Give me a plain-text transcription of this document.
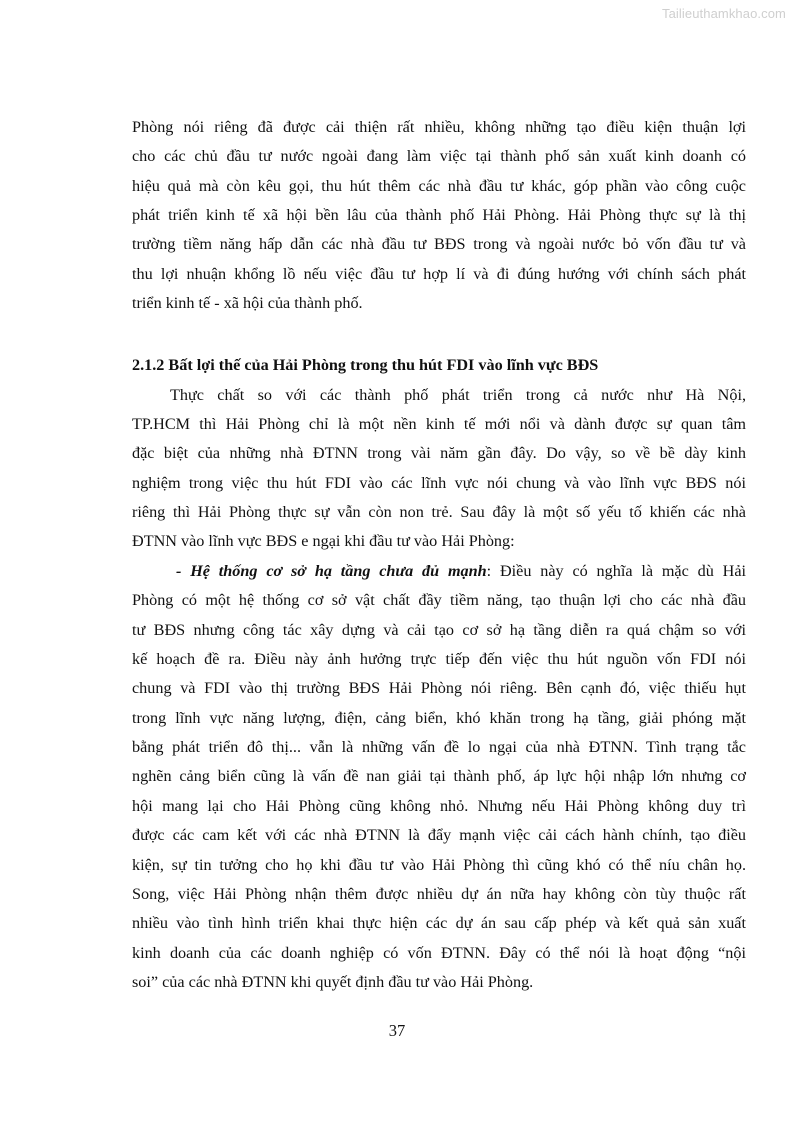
Tailieuthamkhao.com
Phòng nói riêng đã được cải thiện rất nhiều, không những tạo điều kiện thuận lợi
cho các chủ đầu tư nước ngoài đang làm việc tại thành phố sản xuất kinh doanh có
hiệu quả mà còn kêu gọi, thu hút thêm các nhà đầu tư khác, góp phần vào công cuộc
phát triển kinh tế xã hội bền lâu của thành phố Hải Phòng. Hải Phòng thực sự là thị
trường tiềm năng hấp dẫn các nhà đầu tư BĐS trong và ngoài nước bỏ vốn đầu tư và
thu lợi nhuận khổng lồ nếu việc đầu tư hợp lí và đi đúng hướng với chính sách phát
triển kinh tế - xã hội của thành phố.
2.1.2 Bất lợi thế của Hải Phòng trong thu hút FDI vào lĩnh vực BĐS
Thực chất so với các thành phố phát triển trong cả nước như Hà Nội,
TP.HCM thì Hải Phòng chỉ là một nền kinh tế mới nổi và dành được sự quan tâm
đặc biệt của những nhà ĐTNN trong vài năm gần đây. Do vậy, so về bề dày kinh
nghiệm trong việc thu hút FDI vào các lĩnh vực nói chung và vào lĩnh vực BĐS nói
riêng thì Hải Phòng thực sự vẫn còn non trẻ. Sau đây là một số yếu tố khiến các nhà
ĐTNN vào lĩnh vực BĐS e ngại khi đầu tư vào Hải Phòng:
- Hệ thống cơ sở hạ tầng chưa đủ mạnh: Điều này có nghĩa là mặc dù Hải
Phòng có một hệ thống cơ sở vật chất đầy tiềm năng, tạo thuận lợi cho các nhà đầu
tư BĐS nhưng công tác xây dựng và cải tạo cơ sở hạ tầng diễn ra quá chậm so với
kế hoạch đề ra. Điều này ảnh hưởng trực tiếp đến việc thu hút nguồn vốn FDI nói
chung và FDI vào thị trường BĐS Hải Phòng nói riêng. Bên cạnh đó, việc thiếu hụt
trong lĩnh vực năng lượng, điện, cảng biển, khó khăn trong hạ tầng, giải phóng mặt
bằng phát triển đô thị... vẫn là những vấn đề lo ngại của nhà ĐTNN. Tình trạng tắc
nghẽn cảng biển cũng là vấn đề nan giải tại thành phố, áp lực hội nhập lớn nhưng cơ
hội mang lại cho Hải Phòng cũng không nhỏ. Nhưng nếu Hải Phòng không duy trì
được các cam kết với các nhà ĐTNN là đẩy mạnh việc cải cách hành chính, tạo điều
kiện, sự tin tưởng cho họ khi đầu tư vào Hải Phòng thì cũng khó có thể níu chân họ.
Song, việc Hải Phòng nhận thêm được nhiều dự án nữa hay không còn tùy thuộc rất
nhiều vào tình hình triển khai thực hiện các dự án sau cấp phép và kết quả sản xuất
kinh doanh của các doanh nghiệp có vốn ĐTNN. Đây có thể nói là hoạt động “nội
soi” của các nhà ĐTNN khi quyết định đầu tư vào Hải Phòng.
37
